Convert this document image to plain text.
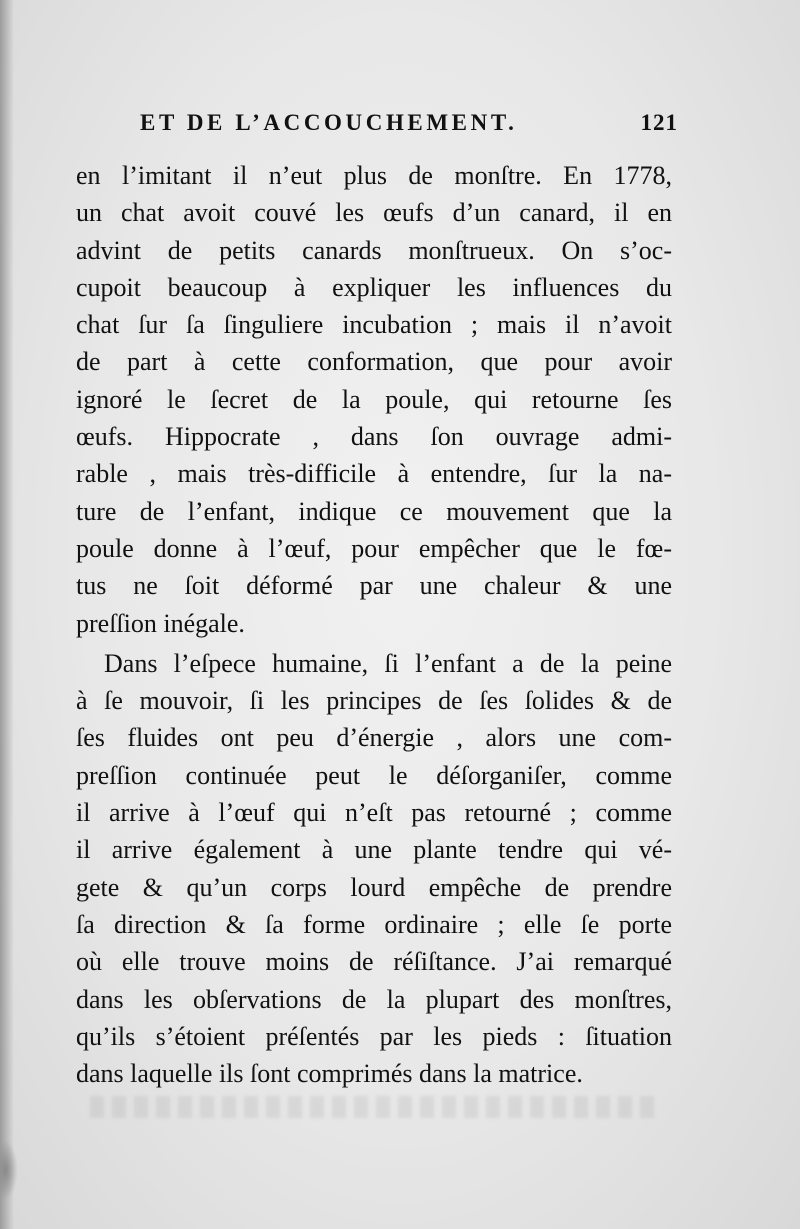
ET DE L’ACCOUCHEMENT.	121
en l’imitant il n’eut plus de monſtre. En 1778,
un chat avoit couvé les œufs d’un canard, il en
advint de petits canards monſtrueux. On s’oc-
cupoit beaucoup à expliquer les influences du
chat ſur ſa ſinguliere incubation ; mais il n’avoit
de part à cette conformation, que pour avoir
ignoré le ſecret de la poule, qui retourne ſes
œufs. Hippocrate , dans ſon ouvrage admi-
rable , mais très-difficile à entendre, ſur la na-
ture de l’enfant, indique ce mouvement que la
poule donne à l’œuf, pour empêcher que le fœ-
tus ne ſoit déformé par une chaleur & une
preſſion inégale.
Dans l’eſpece humaine, ſi l’enfant a de la peine
à ſe mouvoir, ſi les principes de ſes ſolides & de
ſes fluides ont peu d’énergie , alors une com-
preſſion continuée peut le déſorganiſer, comme
il arrive à l’œuf qui n’eſt pas retourné ; comme
il arrive également à une plante tendre qui vé-
gete & qu’un corps lourd empêche de prendre
ſa direction & ſa forme ordinaire ; elle ſe porte
où elle trouve moins de réſiſtance. J’ai remarqué
dans les obſervations de la plupart des monſtres,
qu’ils s’étoient préſentés par les pieds : ſituation
dans laquelle ils ſont comprimés dans la matrice.
